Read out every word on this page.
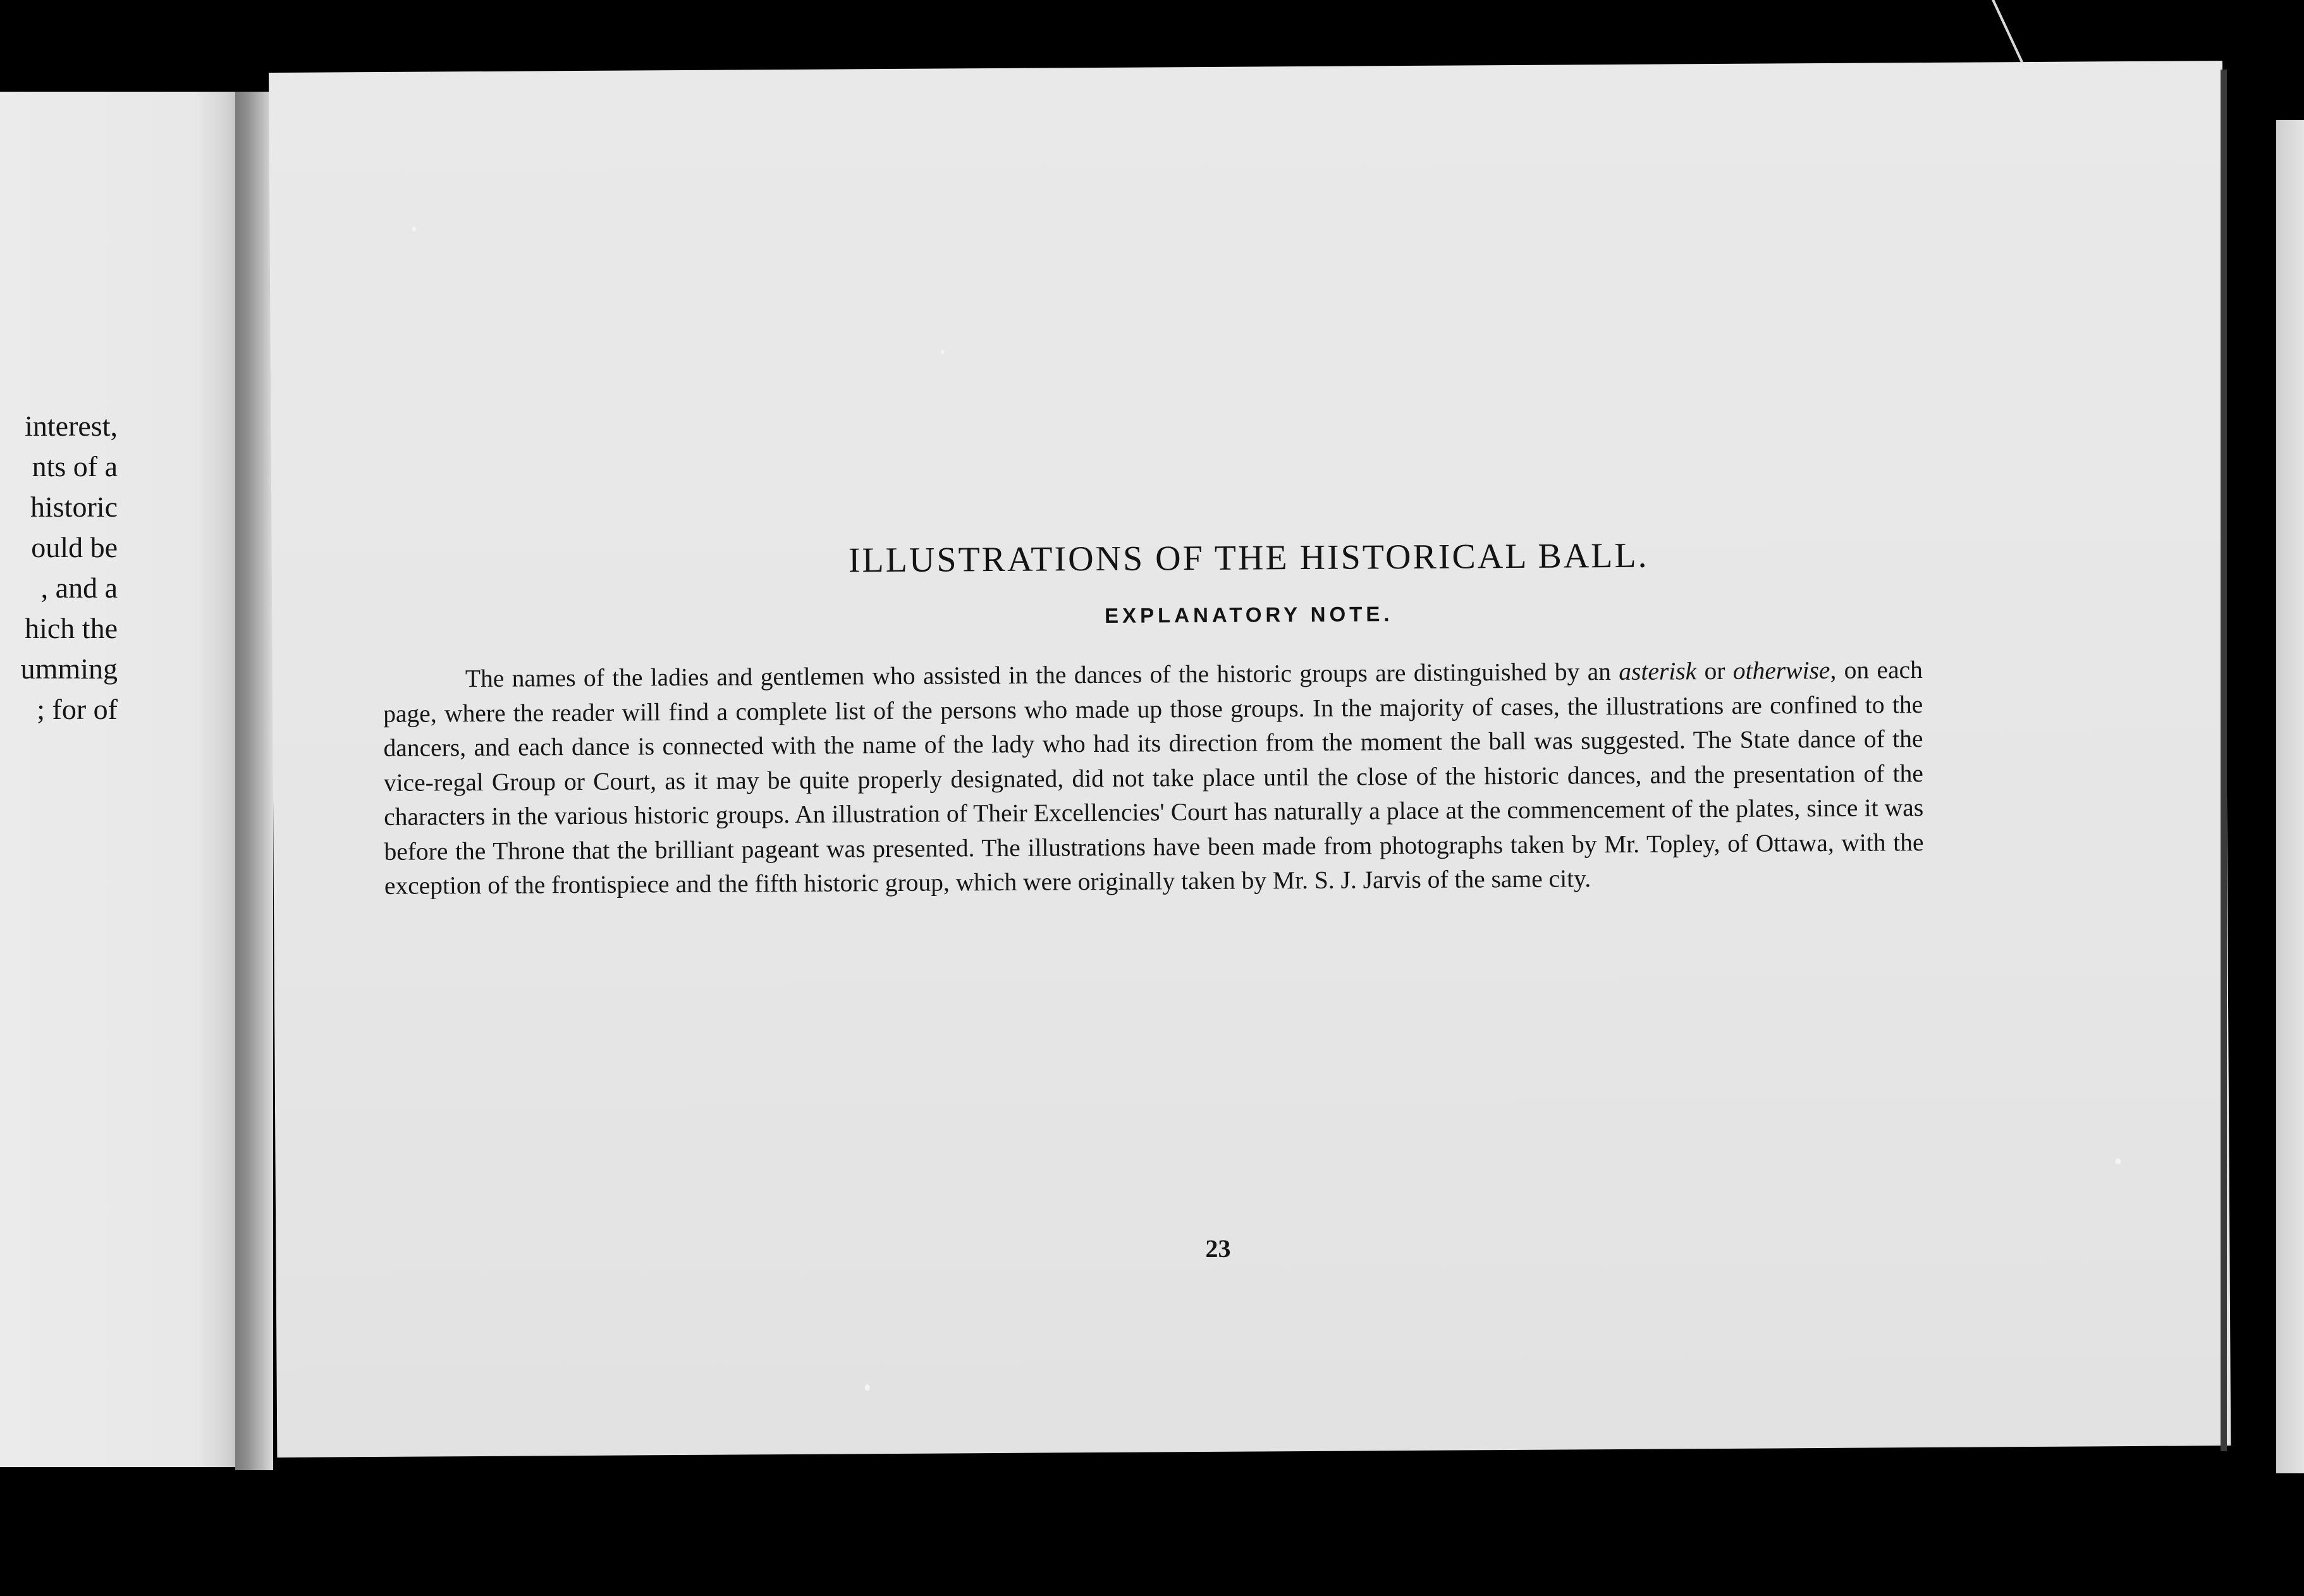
interest,
nts of a
historic
ould be
, and a
hich the
umming
; for of
ILLUSTRATIONS OF THE HISTORICAL BALL.
EXPLANATORY NOTE.
The names of the ladies and gentlemen who assisted in the dances of the historic groups are distinguished by an asterisk or otherwise, on each page, where the reader will find a complete list of the persons who made up those groups. In the majority of cases, the illustrations are confined to the dancers, and each dance is connected with the name of the lady who had its direction from the moment the ball was suggested. The State dance of the vice-regal Group or Court, as it may be quite properly designated, did not take place until the close of the historic dances, and the presentation of the characters in the various historic groups. An illustration of Their Excellencies' Court has naturally a place at the commencement of the plates, since it was before the Throne that the brilliant pageant was presented. The illustrations have been made from photographs taken by Mr. Topley, of Ottawa, with the exception of the frontispiece and the fifth historic group, which were originally taken by Mr. S. J. Jarvis of the same city.
23
